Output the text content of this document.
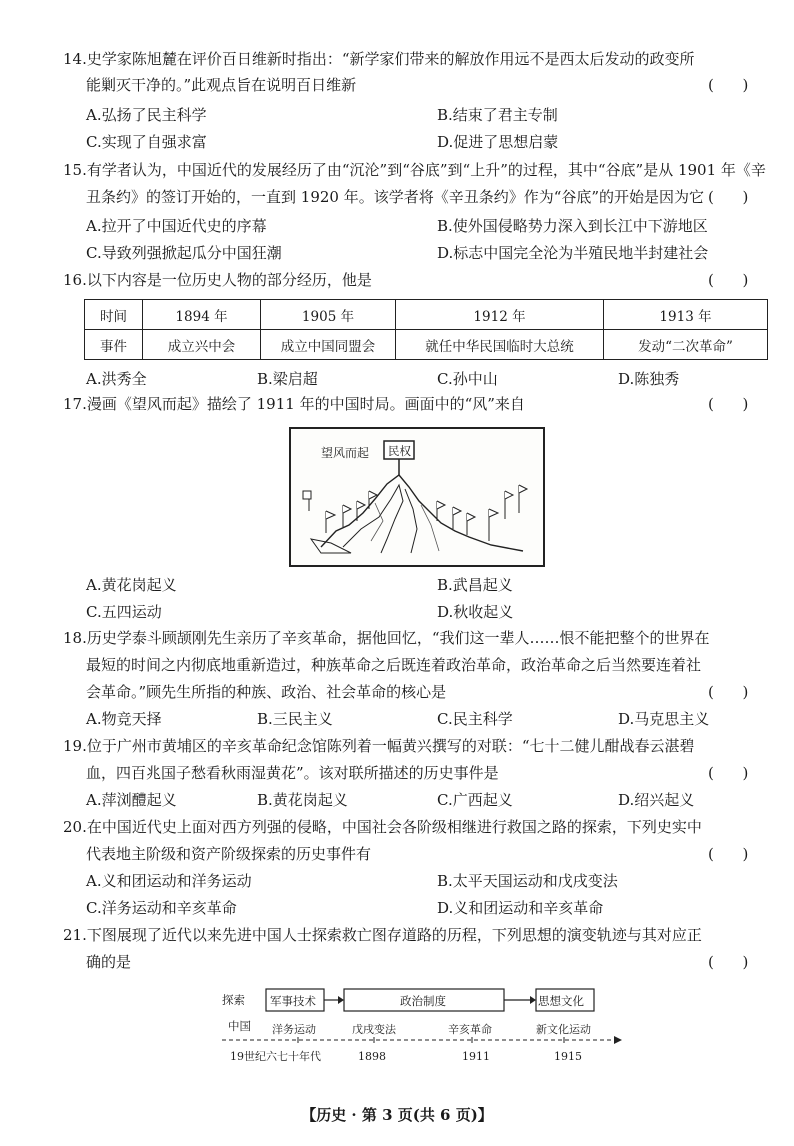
14.史学家陈旭麓在评价百日维新时指出：“新学家们带来的解放作用远不是西太后发动的政变所
能剿灭干净的。”此观点旨在说明百日维新	(      )
A.弘扬了民主科学	B.结束了君主专制
C.实现了自强求富	D.促进了思想启蒙
15.有学者认为，中国近代的发展经历了由“沉沦”到“谷底”到“上升”的过程，其中“谷底”是从 1901 年《辛
丑条约》的签订开始的，一直到 1920 年。该学者将《辛丑条约》作为“谷底”的开始是因为它 (      )
A.拉开了中国近代史的序幕	B.使外国侵略势力深入到长江中下游地区
C.导致列强掀起瓜分中国狂潮	D.标志中国完全沦为半殖民地半封建社会
16.以下内容是一位历史人物的部分经历，他是	(      )
时间	1894 年	1905 年	1912 年	1913 年
事件	成立兴中会	成立中国同盟会	就任中华民国临时大总统	发动“二次革命”
A.洪秀全	B.梁启超	C.孙中山	D.陈独秀
17.漫画《望风而起》描绘了 1911 年的中国时局。画面中的“风”来自	(      )
望风而起 民权
A.黄花岗起义	B.武昌起义
C.五四运动	D.秋收起义
18.历史学泰斗顾颉刚先生亲历了辛亥革命，据他回忆，“我们这一辈人……恨不能把整个的世界在
最短的时间之内彻底地重新造过，种族革命之后既连着政治革命，政治革命之后当然要连着社
会革命。”顾先生所指的种族、政治、社会革命的核心是	(      )
A.物竞天择	B.三民主义	C.民主科学	D.马克思主义
19.位于广州市黄埔区的辛亥革命纪念馆陈列着一幅黄兴撰写的对联：“七十二健儿酣战春云湛碧
血，四百兆国子愁看秋雨湿黄花”。该对联所描述的历史事件是	(      )
A.萍浏醴起义	B.黄花岗起义	C.广西起义	D.绍兴起义
20.在中国近代史上面对西方列强的侵略，中国社会各阶级相继进行救国之路的探索，下列史实中
代表地主阶级和资产阶级探索的历史事件有	(      )
A.义和团运动和洋务运动	B.太平天国运动和戊戌变法
C.洋务运动和辛亥革命	D.义和团运动和辛亥革命
21.下图展现了近代以来先进中国人士探索救亡图存道路的历程，下列思想的演变轨迹与其对应正
确的是	(      )
探索
中国
军事技术	政治制度	思想文化
洋务运动	戊戌变法	辛亥革命	新文化运动
19世纪六七十年代	1898	1911	1915
【历史 · 第 3 页(共 6 页)】
